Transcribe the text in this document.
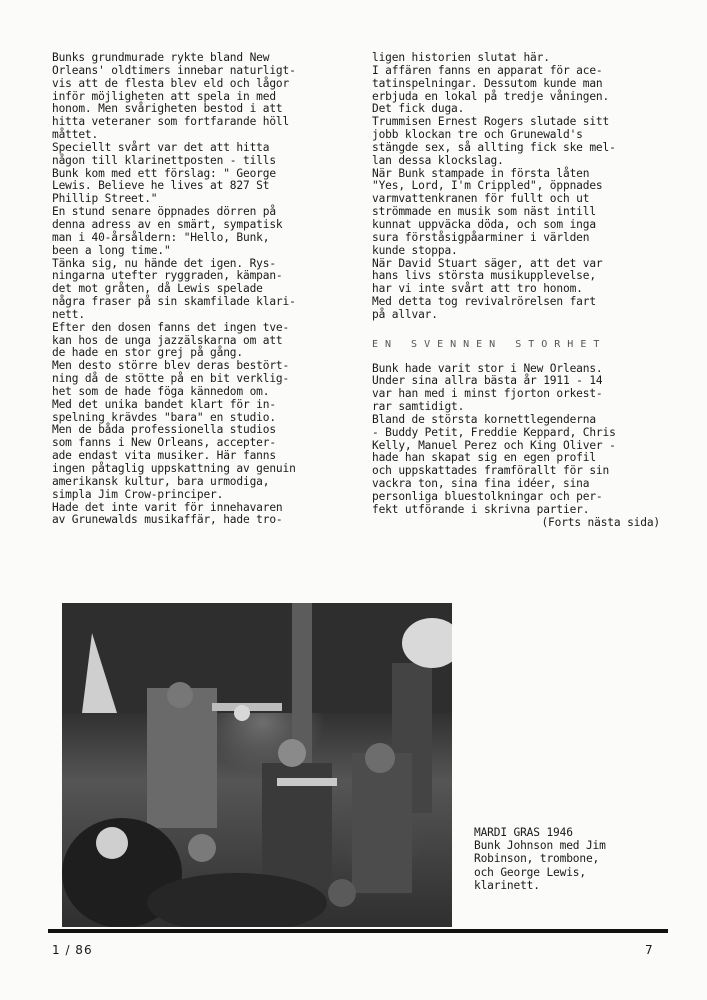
Bunks grundmurade rykte bland New
Orleans' oldtimers innebar naturligt-
vis att de flesta blev eld och lågor
inför möjligheten att spela in med
honom. Men svårigheten bestod i att
hitta veteraner som fortfarande höll
måttet.
Speciellt svårt var det att hitta
någon till klarinettposten - tills
Bunk kom med ett förslag: " George
Lewis. Believe he lives at 827 St
Phillip Street."
En stund senare öppnades dörren på
denna adress av en smärt, sympatisk
man i 40-årsåldern: "Hello, Bunk,
been a long time."
Tänka sig, nu hände det igen. Rys-
ningarna utefter ryggraden, kämpan-
det mot gråten, då Lewis spelade
några fraser på sin skamfilade klari-
nett.
Efter den dosen fanns det ingen tve-
kan hos de unga jazzälskarna om att
de hade en stor grej på gång.
Men desto större blev deras bestört-
ning då de stötte på en bit verklig-
het som de hade föga kännedom om.
Med det unika bandet klart för in-
spelning krävdes "bara" en studio.
Men de båda professionella studios
som fanns i New Orleans, accepter-
ade endast vita musiker. Här fanns
ingen påtaglig uppskattning av genuin
amerikansk kultur, bara urmodiga,
simpla Jim Crow-principer.
Hade det inte varit för innehavaren
av Grunewalds musikaffär, hade tro-
ligen historien slutat här.
I affären fanns en apparat för ace-
tatinspelningar. Dessutom kunde man
erbjuda en lokal på tredje våningen.
Det fick duga.
Trummisen Ernest Rogers slutade sitt
jobb klockan tre och Grunewald's
stängde sex, så allting fick ske mel-
lan dessa klockslag.
När Bunk stampade in första låten
"Yes, Lord, I'm Crippled", öppnades
varmvattenkranen för fullt och ut
strömmade en musik som näst intill
kunnat uppväcka döda, och som inga
sura förståsigpåarminer i världen
kunde stoppa.
När David Stuart säger, att det var
hans livs största musikupplevelse,
har vi inte svårt att tro honom.
Med detta tog revivalrörelsen fart
på allvar.
EN SVENNEN STORHET
Bunk hade varit stor i New Orleans.
Under sina allra bästa år 1911 - 14
var han med i minst fjorton orkest-
rar samtidigt.
Bland de största kornettlegenderna
- Buddy Petit, Freddie Keppard, Chris
Kelly, Manuel Perez och King Oliver -
hade han skapat sig en egen profil
och uppskattades framförallt för sin
vackra ton, sina fina idéer, sina
personliga bluestolkningar och per-
fekt utförande i skrivna partier.
(Forts nästa sida)
MARDI GRAS 1946
Bunk Johnson med Jim
Robinson, trombone,
och George Lewis,
klarinett.
1 / 86	7
